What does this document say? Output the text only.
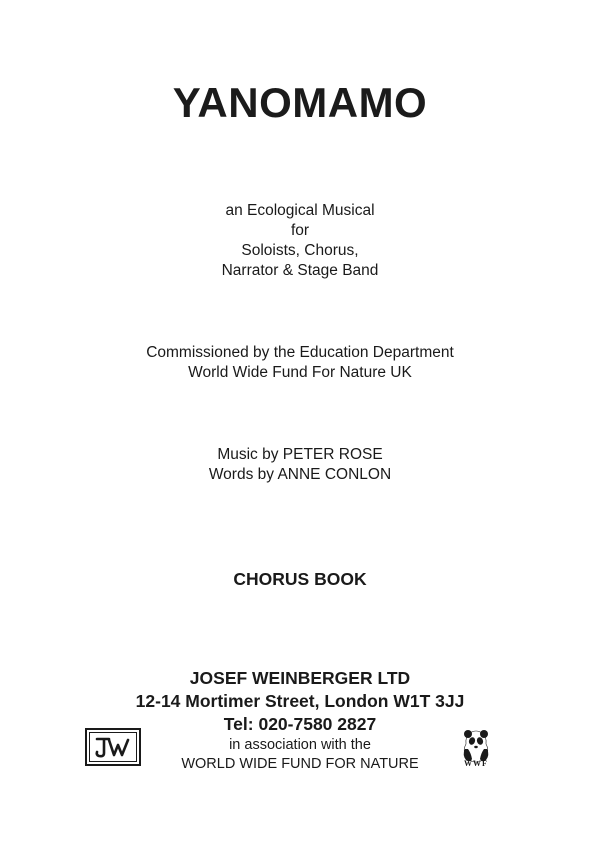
YANOMAMO
an Ecological Musical
for
Soloists, Chorus,
Narrator & Stage Band
Commissioned by the Education Department
World Wide Fund For Nature UK
Music by PETER ROSE
Words by ANNE CONLON
CHORUS BOOK
JOSEF WEINBERGER LTD
12-14 Mortimer Street, London W1T 3JJ
Tel: 020-7580 2827
in association with the
WORLD WIDE FUND FOR NATURE	WWF
